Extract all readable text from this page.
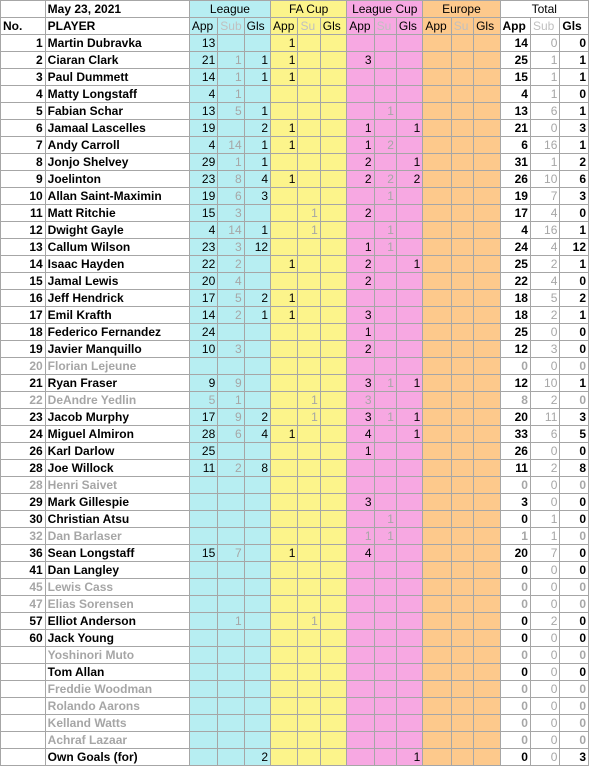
	May 23, 2021	League			FA Cup			League Cup			Europe			Total		
No.	PLAYER	App	Sub	Gls	App	Su	Gls	App	Su	Gls	App	Su	Gls	App	Sub	Gls
1	Martin Dubravka	13			1									14	0	0
2	Ciaran Clark	21	1	1	1			3						25	1	1
3	Paul Dummett	14	1	1	1									15	1	1
4	Matty Longstaff	4	1											4	1	0
5	Fabian Schar	13	5	1					1					13	6	1
6	Jamaal Lascelles	19		2	1			1		1				21	0	3
7	Andy Carroll	4	14	1	1			1	2					6	16	1
8	Jonjo Shelvey	29	1	1				2		1				31	1	2
9	Joelinton	23	8	4	1			2	2	2				26	10	6
10	Allan Saint-Maximin	19	6	3					1					19	7	3
11	Matt Ritchie	15	3			1		2						17	4	0
12	Dwight Gayle	4	14	1		1			1					4	16	1
13	Callum Wilson	23	3	12				1	1					24	4	12
14	Isaac Hayden	22	2		1			2		1				25	2	1
15	Jamal Lewis	20	4					2						22	4	0
16	Jeff Hendrick	17	5	2	1									18	5	2
17	Emil Krafth	14	2	1	1			3						18	2	1
18	Federico Fernandez	24						1						25	0	0
19	Javier Manquillo	10	3					2						12	3	0
20	Florian Lejeune													0	0	0
21	Ryan Fraser	9	9					3	1	1				12	10	1
22	DeAndre Yedlin	5	1			1		3						8	2	0
23	Jacob Murphy	17	9	2		1		3	1	1				20	11	3
24	Miguel Almiron	28	6	4	1			4		1				33	6	5
26	Karl Darlow	25						1						26	0	0
28	Joe Willock	11	2	8										11	2	8
28	Henri Saivet													0	0	0
29	Mark Gillespie							3						3	0	0
30	Christian Atsu								1					0	1	0
32	Dan Barlaser							1	1					1	1	0
36	Sean Longstaff	15	7		1			4						20	7	0
41	Dan Langley													0	0	0
45	Lewis Cass													0	0	0
47	Elias Sorensen													0	0	0
57	Elliot Anderson		1			1								0	2	0
60	Jack Young													0	0	0
	Yoshinori Muto													0	0	0
	Tom Allan													0	0	0
	Freddie Woodman													0	0	0
	Rolando Aarons													0	0	0
	Kelland Watts													0	0	0
	Achraf Lazaar													0	0	0
	Own Goals (for)			2						1				0	0	3
